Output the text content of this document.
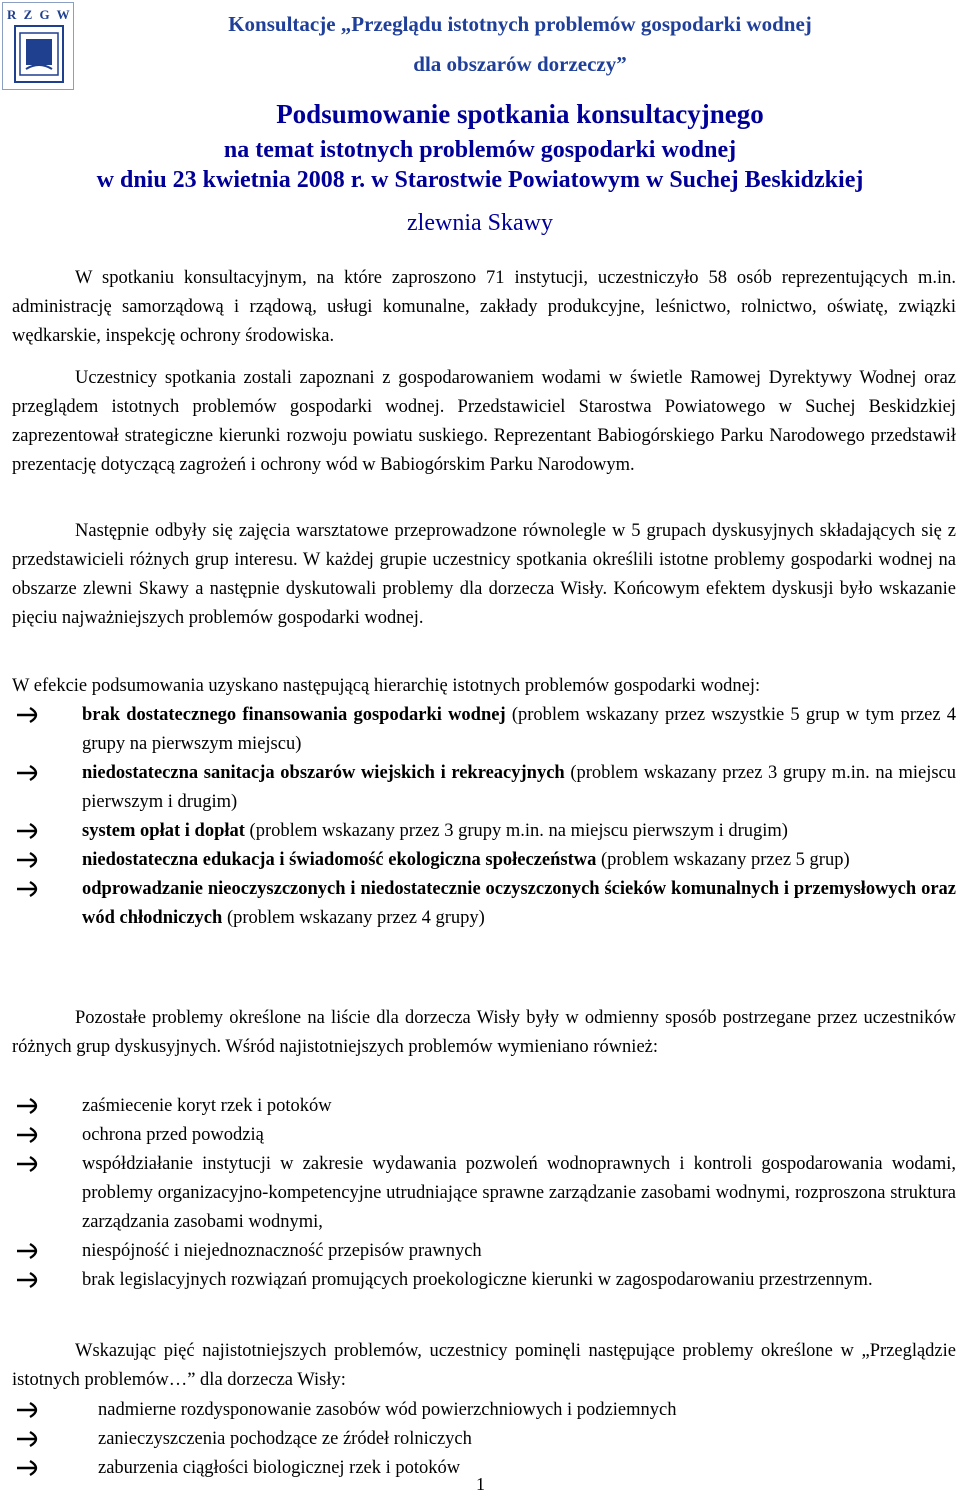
R Z G W	Konsultacje „Przeglądu istotnych problemów gospodarki wodnej
dla obszarów dorzeczy”
Podsumowanie spotkania konsultacyjnego
na temat istotnych problemów gospodarki wodnej
w dniu 23 kwietnia 2008 r. w Starostwie Powiatowym w Suchej Beskidzkiej
zlewnia Skawy
W spotkaniu konsultacyjnym, na które zaproszono 71 instytucji, uczestniczyło 58 osób reprezentujących m.in. administrację samorządową i rządową, usługi komunalne, zakłady produkcyjne, leśnictwo, rolnictwo, oświatę, związki wędkarskie, inspekcję ochrony środowiska.
Uczestnicy spotkania zostali zapoznani z gospodarowaniem wodami w świetle Ramowej Dyrektywy Wodnej oraz przeglądem istotnych problemów gospodarki wodnej. Przedstawiciel Starostwa Powiatowego w Suchej Beskidzkiej zaprezentował strategiczne kierunki rozwoju powiatu suskiego. Reprezentant Babiogórskiego Parku Narodowego przedstawił prezentację dotyczącą zagrożeń i ochrony wód w Babiogórskim Parku Narodowym.
Następnie odbyły się zajęcia warsztatowe przeprowadzone równolegle w 5 grupach dyskusyjnych składających się z przedstawicieli różnych grup interesu. W każdej grupie uczestnicy spotkania określili istotne problemy gospodarki wodnej na obszarze zlewni Skawy a następnie dyskutowali problemy dla dorzecza Wisły. Końcowym efektem dyskusji było wskazanie pięciu najważniejszych problemów gospodarki wodnej.
W efekcie podsumowania uzyskano następującą hierarchię istotnych problemów gospodarki wodnej:
brak dostatecznego finansowania gospodarki wodnej (problem wskazany przez wszystkie 5 grup w tym przez 4 grupy na pierwszym miejscu)
niedostateczna sanitacja obszarów wiejskich i rekreacyjnych (problem wskazany przez 3 grupy m.in. na miejscu pierwszym i drugim)
system opłat i dopłat (problem wskazany przez 3 grupy m.in. na miejscu pierwszym i drugim)
niedostateczna edukacja i świadomość ekologiczna społeczeństwa (problem wskazany przez 5 grup)
odprowadzanie nieoczyszczonych i niedostatecznie oczyszczonych ścieków komunalnych i przemysłowych oraz wód chłodniczych (problem wskazany przez 4 grupy)
Pozostałe problemy określone na liście dla dorzecza Wisły były w odmienny sposób postrzegane przez uczestników różnych grup dyskusyjnych. Wśród najistotniejszych problemów wymieniano również:
zaśmiecenie koryt rzek i potoków
ochrona przed powodzią
współdziałanie instytucji w zakresie wydawania pozwoleń wodnoprawnych i kontroli gospodarowania wodami, problemy organizacyjno-kompetencyjne utrudniające sprawne zarządzanie zasobami wodnymi, rozproszona struktura zarządzania zasobami wodnymi,
niespójność i niejednoznaczność przepisów prawnych
brak legislacyjnych rozwiązań promujących proekologiczne kierunki w zagospodarowaniu przestrzennym.
Wskazując pięć najistotniejszych problemów, uczestnicy pominęli następujące problemy określone w „Przeglądzie istotnych problemów…” dla dorzecza Wisły:
nadmierne rozdysponowanie zasobów wód powierzchniowych i podziemnych
zanieczyszczenia pochodzące ze źródeł rolniczych
zaburzenia ciągłości biologicznej rzek i potoków
1
